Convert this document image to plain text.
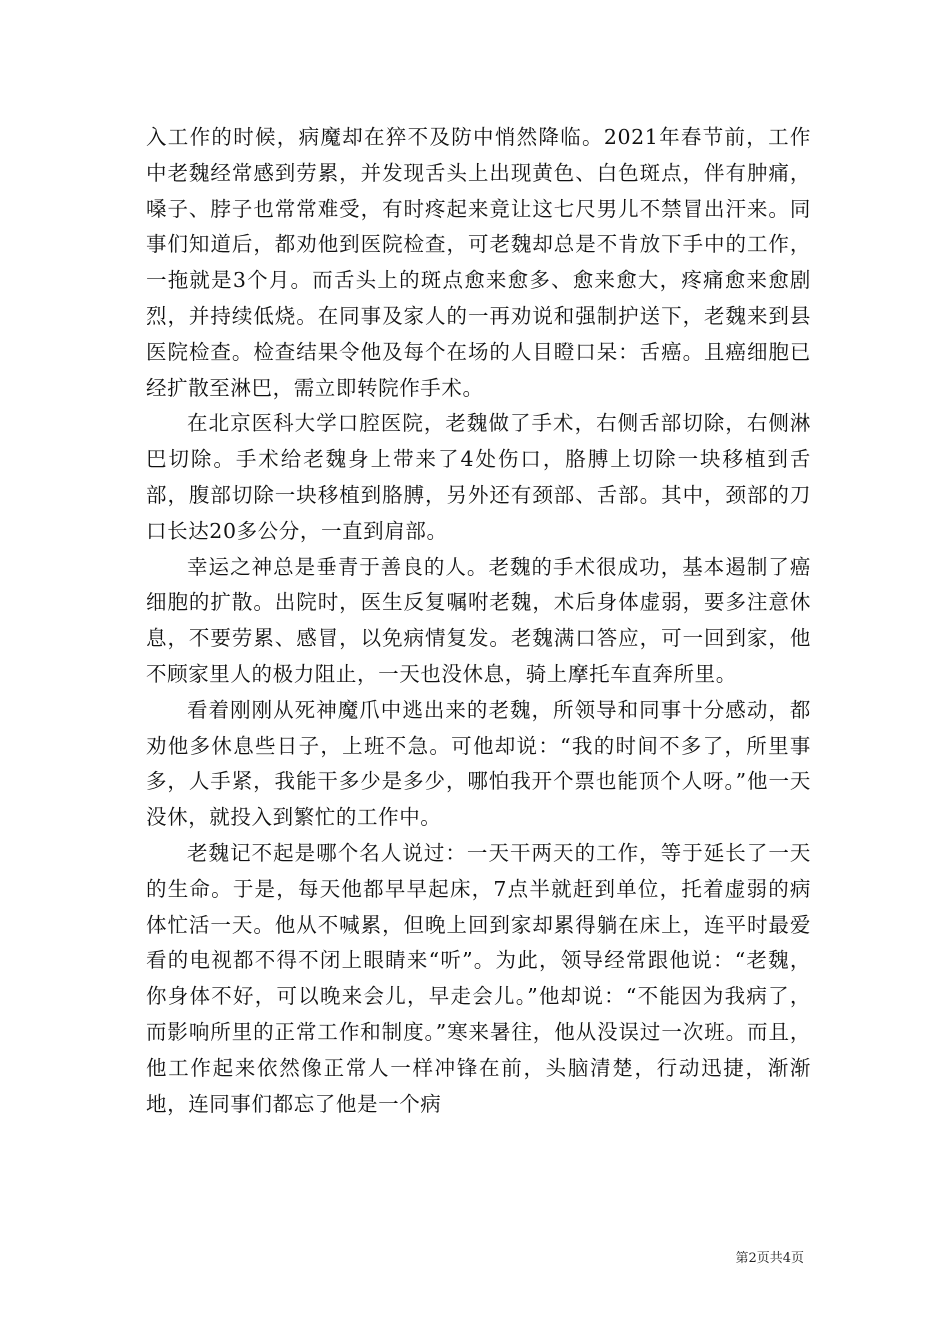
入工作的时候，病魔却在猝不及防中悄然降临。2021年春节前，工作中老魏经常感到劳累，并发现舌头上出现黄色、白色斑点，伴有肿痛，嗓子、脖子也常常难受，有时疼起来竟让这七尺男儿不禁冒出汗来。同事们知道后，都劝他到医院检查，可老魏却总是不肯放下手中的工作，一拖就是3个月。而舌头上的斑点愈来愈多、愈来愈大，疼痛愈来愈剧烈，并持续低烧。在同事及家人的一再劝说和强制护送下，老魏来到县医院检查。检查结果令他及每个在场的人目瞪口呆：舌癌。且癌细胞已经扩散至淋巴，需立即转院作手术。

在北京医科大学口腔医院，老魏做了手术，右侧舌部切除，右侧淋巴切除。手术给老魏身上带来了4处伤口，胳膊上切除一块移植到舌部，腹部切除一块移植到胳膊，另外还有颈部、舌部。其中，颈部的刀口长达20多公分，一直到肩部。

幸运之神总是垂青于善良的人。老魏的手术很成功，基本遏制了癌细胞的扩散。出院时，医生反复嘱咐老魏，术后身体虚弱，要多注意休息，不要劳累、感冒，以免病情复发。老魏满口答应，可一回到家，他不顾家里人的极力阻止，一天也没休息，骑上摩托车直奔所里。

看着刚刚从死神魔爪中逃出来的老魏，所领导和同事十分感动，都劝他多休息些日子，上班不急。可他却说：“我的时间不多了，所里事多，人手紧，我能干多少是多少，哪怕我开个票也能顶个人呀。”他一天没休，就投入到繁忙的工作中。

老魏记不起是哪个名人说过：一天干两天的工作，等于延长了一天的生命。于是，每天他都早早起床，7点半就赶到单位，托着虚弱的病体忙活一天。他从不喊累，但晚上回到家却累得躺在床上，连平时最爱看的电视都不得不闭上眼睛来“听”。为此，领导经常跟他说：“老魏，你身体不好，可以晚来会儿，早走会儿。”他却说：“不能因为我病了，而影响所里的正常工作和制度。”寒来暑往，他从没误过一次班。而且，他工作起来依然像正常人一样冲锋在前，头脑清楚，行动迅捷，渐渐地，连同事们都忘了他是一个病

第2页共4页
